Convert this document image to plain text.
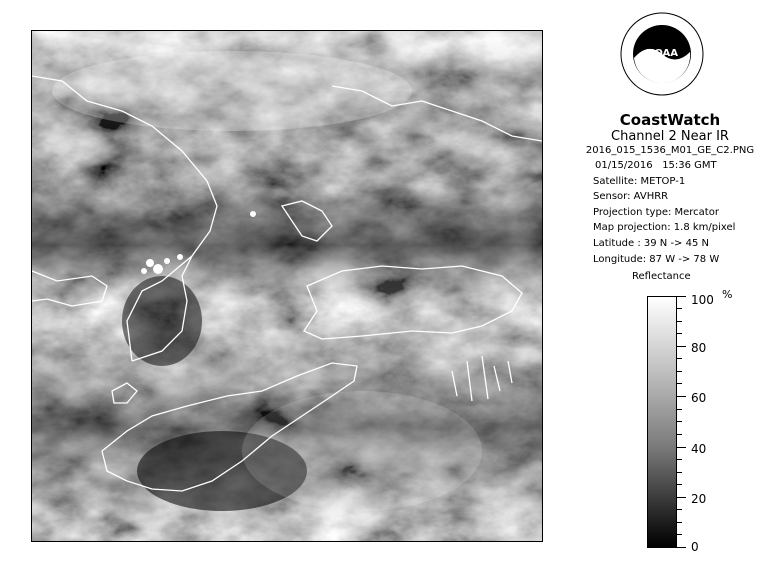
NOAA
CoastWatch
Channel 2 Near IR
2016_015_1536_M01_GE_C2.PNG
01/15/2016 15:36 GMT
Satellite: METOP-1
Sensor: AVHRR
Projection type: Mercator
Map projection: 1.8 km/pixel
Latitude : 39 N -> 45 N
Longitude: 87 W -> 78 W
Reflectance
%
100
80
60
40
20
0
